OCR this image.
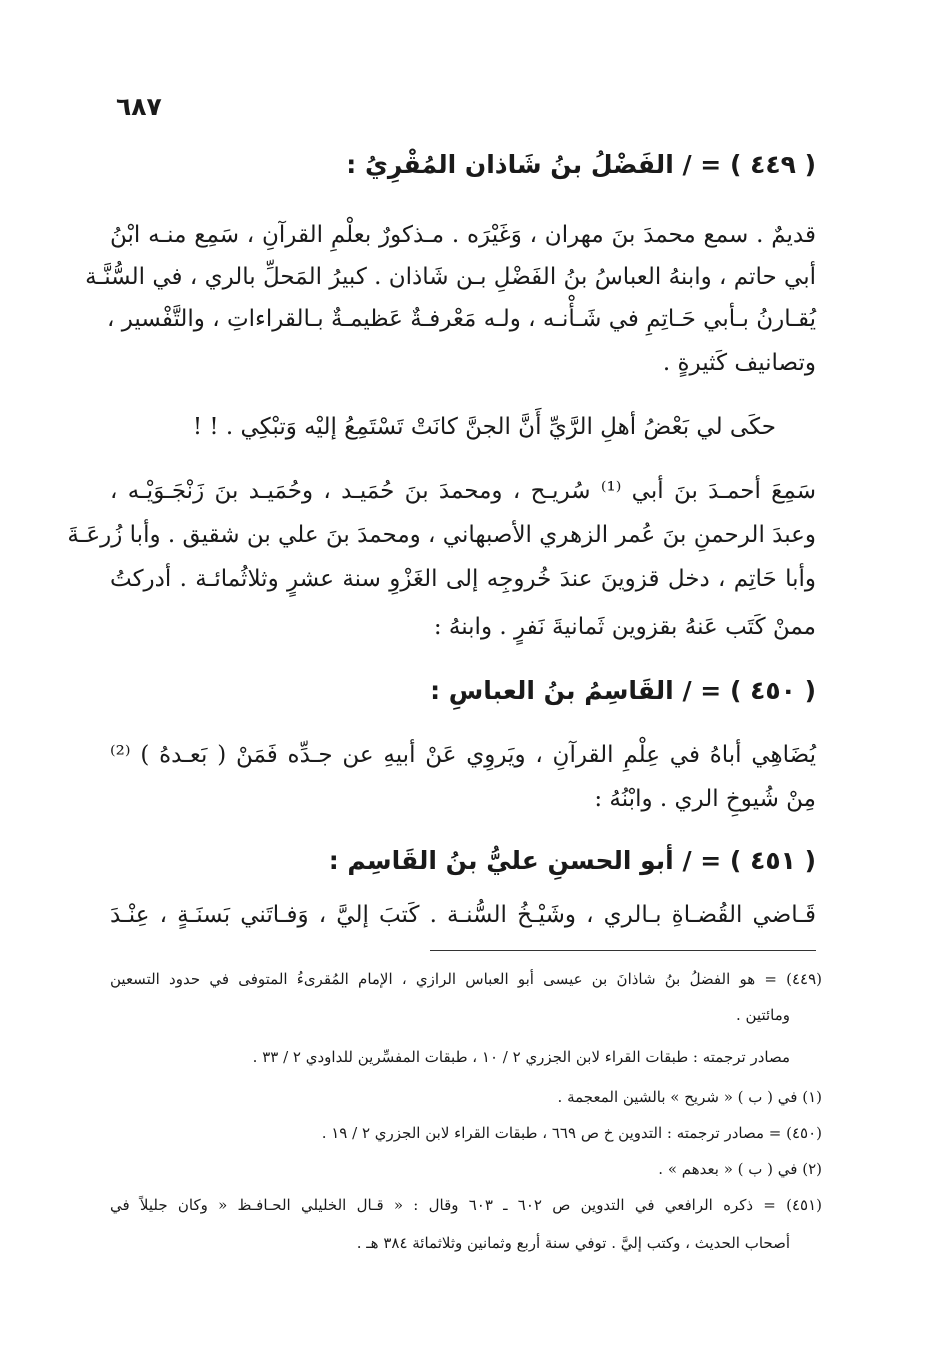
٦٨٧
( ٤٤٩ ) = / الفَضْلُ بنُ شَاذان المُقْرِيُ :
قديمٌ . سمع محمدَ بنَ مهران ، وَغَيْرَه . مـذكورٌ بعلْمِ القرآنِ ، سَمِع منـه ابْنُ
أبي حاتم ، وابنهُ العباسُ بنُ الفَضْلِ بـن شَاذان . كبيرُ المَحلِّ بالري ، في السُّنَّـة
يُقـارنُ بـأبي حَـاتِمِ في شَـأْنـه ، ولـه مَعْرفـةٌ عَظيمـةٌ بـالقراءاتِ ، والتَّفْسير ،
وتصانيف كَثيرةٍ .
حكَى لي بَعْضُ أهلِ الرَّيِّ أَنَّ الجنَّ كانَتْ تَسْتَمِعُ إليْه وَتبْكِي . ! !
سَمِعَ أحمـدَ بنَ أبي ⁽¹⁾ سُريـح ، ومحمدَ بنَ حُمَيـد ، وحُمَيـد بنَ زَنْجَـوَيْـه ،
وعبدَ الرحمنِ بنَ عُمر الزهري الأصبهاني ، ومحمدَ بنَ علي بن شقيق . وأبا زُرعَـةَ
وأبا حَاتِم ، دخل قزوينَ عندَ خُروجِه إلى الغَزْوِ سنة عشرٍ وثلاثُمائـة . أدركتُ
ممنْ كَتَب عَنهُ بقزوين ثَمانيةَ نَفرٍ . وابنهُ :
( ٤٥٠ ) = / القَاسِمُ بنُ العباسِ :
يُضَاهِي أباهُ في عِلْمِ القرآنِ ، ويَروِي عَنْ أبيهِ عن جـدِّه فَمَنْ ( بَعـدهُ ) ⁽²⁾
مِنْ شُيوخِ الري . وابْنُهُ :
( ٤٥١ ) = / أبو الحسنِ عليُّ بنُ القَاسِم :
قَـاضي القُضـاةِ بـالري ، وشَيْـخُ السُّنـة . كَتبَ إليَّ ، وَفـاتَني بَسنَـةٍ ، عِنْـدَ
(٤٤٩) = هو الفضلُ بنُ شاذانَ بن عيسى أبو العباس الرازي ، الإمام المُقرىءُ المتوفى في حدود التسعين
ومائتين .
مصادر ترجمته : طبقات القراء لابن الجزري ٢ / ١٠ ، طبقات المفسِّرين للداودي ٢ / ٣٣ .
(١) في ( ب ) « شريح » بالشين المعجمة .
(٤٥٠) = مصادر ترجمته : التدوين خ ص ٦٦٩ ، طبقات القراء لابن الجزري ٢ / ١٩ .
(٢) في ( ب ) « بعدهم » .
(٤٥١) = ذكره الرافعي في التدوين ص ٦٠٢ ـ ٦٠٣ وقال : « قـال الخليلي الحـافـظ « وكان جليلاً في
أصحاب الحديث ، وكتب إليَّ . توفي سنة أربع وثمانين وثلاثمائة ٣٨٤ هـ .
